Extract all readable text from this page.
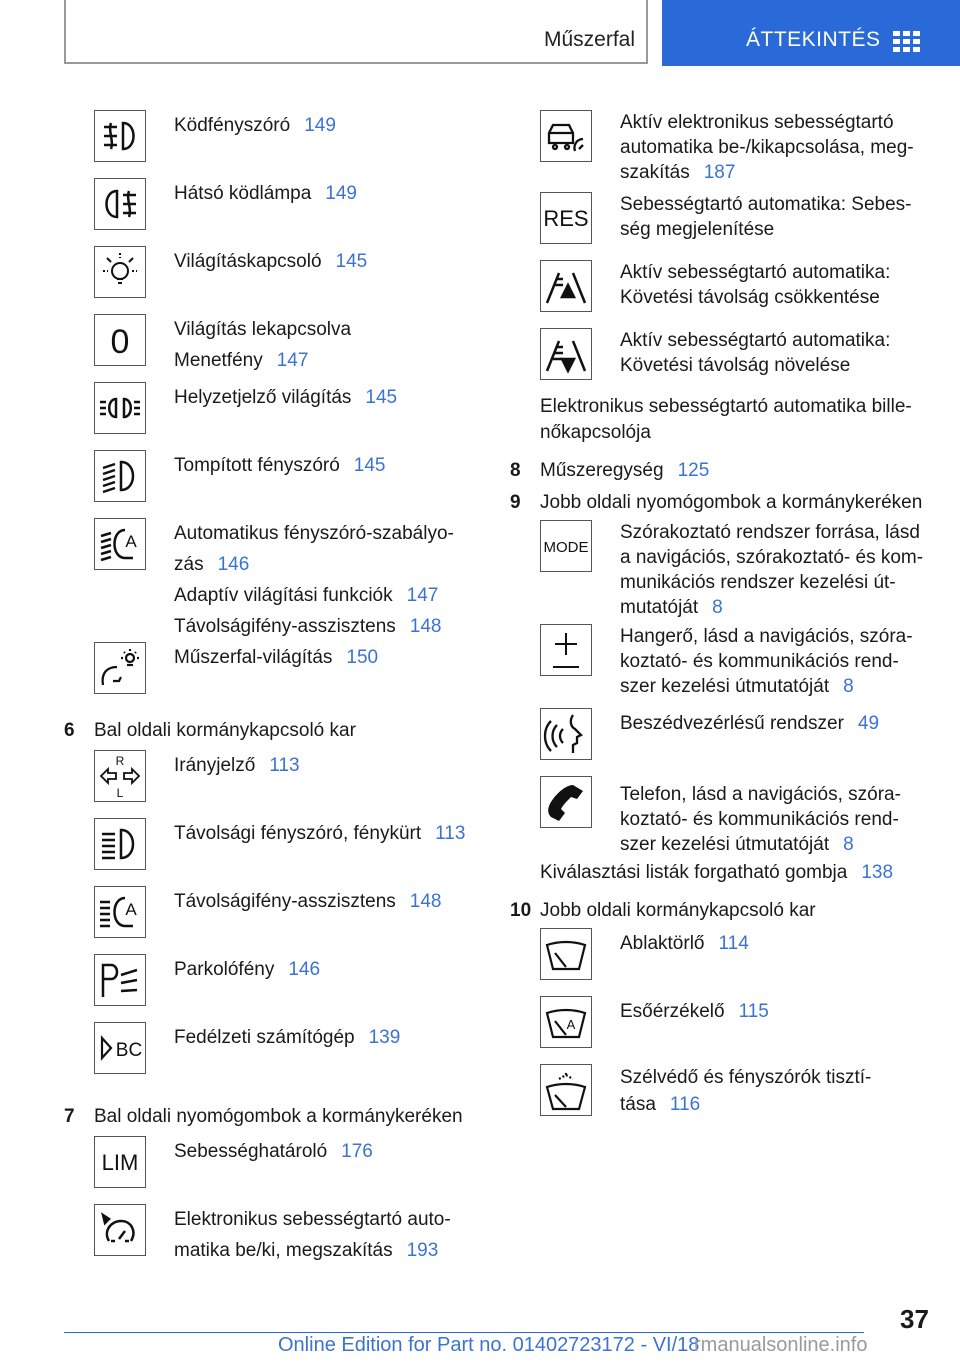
Műszerfal	ÁTTEKINTÉS

Ködfényszóró 149

Hátsó ködlámpa 149

Világításkapcsoló 145

0 Világítás lekapcsolva

Menetfény 147

Helyzetjelző világítás 145

Tompított fényszóró 145

A Automatikus fényszóró-szabályo-

zás 146

Adaptív világítási funkciók 147

Távolságifény-asszisztens 148

Műszerfal-világítás 150

6 Bal oldali kormánykapcsoló kar
R
L

Irányjelző 113

Távolsági fényszóró, fénykürt 113

A Távolságifény-asszisztens 148

Parkolófény 146

BC

Fedélzeti számítógép 139

7 Bal oldali nyomógombok a kormánykeréken
LIM Sebességhatároló 176

Elektronikus sebességtartó auto-

matika be/ki, megszakítás 193

Aktív elektronikus sebességtartó

automatika be-/kikapcsolása, meg-

szakítás 187

RES

Sebességtartó automatika: Sebes-

ség megjelenítése

Aktív sebességtartó automatika:

Követési távolság csökkentése

Aktív sebességtartó automatika:

Követési távolság növelése

Elektronikus sebességtartó automatika bille-
nőkapcsolója
8 Műszeregység 125
9 Jobb oldali nyomógombok a kormánykeréken
MODE

Szórakoztató rendszer forrása, lásd

a navigációs, szórakoztató- és kom-

munikációs rendszer kezelési út-

mutatóját 8

Hangerő, lásd a navigációs, szóra-

koztató- és kommunikációs rend-

szer kezelési útmutatóját 8

Beszédvezérlésű rendszer 49

Telefon, lásd a navigációs, szóra-

koztató- és kommunikációs rend-

szer kezelési útmutatóját 8

Kiválasztási listák forgatható gombja 138
10 Jobb oldali kormánykapcsoló kar

Ablaktörlő 114

A

Esőérzékelő 115

Szélvédő és fényszórók tisztí-

tása 116

37
Online Edition for Part no. 01402723172 - VI/18
rmanualsonline.info
